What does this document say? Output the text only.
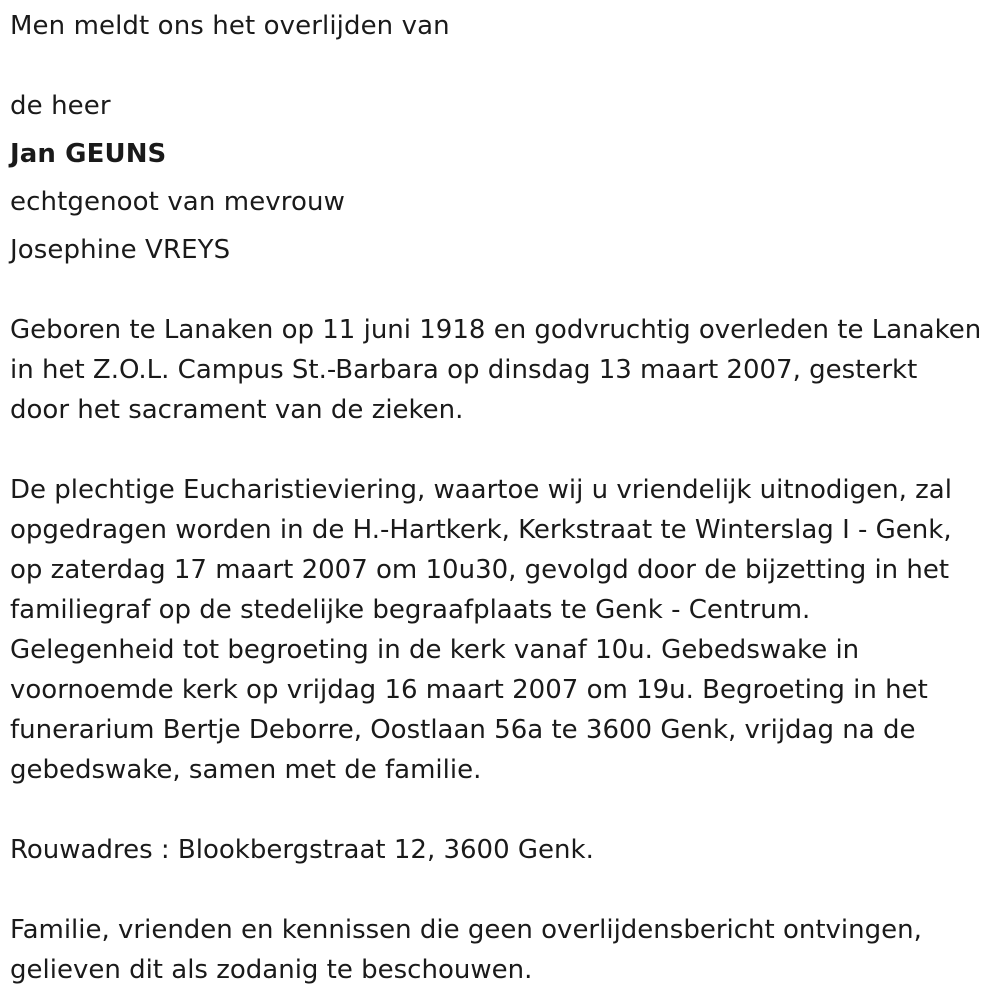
Men meldt ons het overlijden van
de heer
Jan GEUNS
echtgenoot van mevrouw
Josephine VREYS
Geboren te Lanaken op 11 juni 1918 en godvruchtig overleden te Lanaken
in het Z.O.L. Campus St.-Barbara op dinsdag 13 maart 2007, gesterkt
door het sacrament van de zieken.
De plechtige Eucharistieviering, waartoe wij u vriendelijk uitnodigen, zal
opgedragen worden in de H.-Hartkerk, Kerkstraat te Winterslag I - Genk,
op zaterdag 17 maart 2007 om 10u30, gevolgd door de bijzetting in het
familiegraf op de stedelijke begraafplaats te Genk - Centrum.
Gelegenheid tot begroeting in de kerk vanaf 10u. Gebedswake in
voornoemde kerk op vrijdag 16 maart 2007 om 19u. Begroeting in het
funerarium Bertje Deborre, Oostlaan 56a te 3600 Genk, vrijdag na de
gebedswake, samen met de familie.
Rouwadres : Blookbergstraat 12, 3600 Genk.
Familie, vrienden en kennissen die geen overlijdensbericht ontvingen,
gelieven dit als zodanig te beschouwen.
